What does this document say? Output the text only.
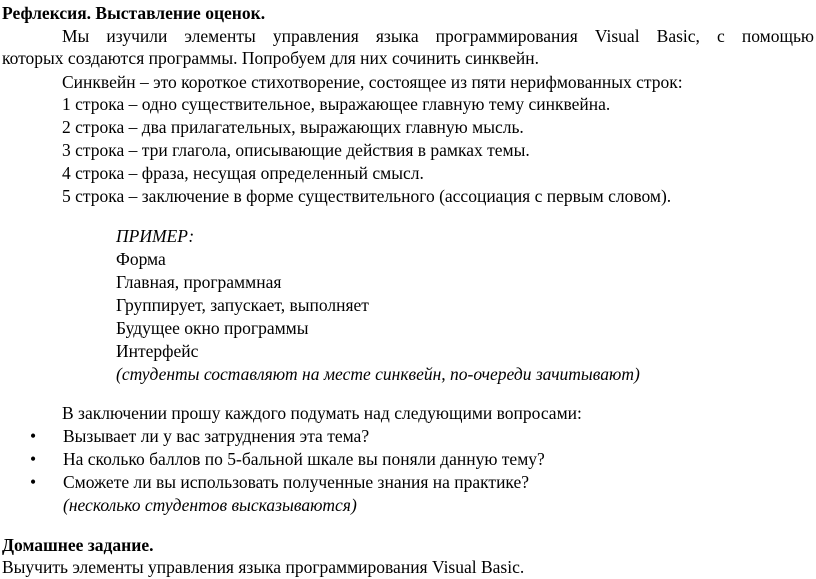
Рефлексия. Выставление оценок.
Мы изучили элементы управления языка программирования Visual Basic, с помощью
которых создаются программы. Попробуем для них сочинить синквейн.
Синквейн – это короткое стихотворение, состоящее из пяти нерифмованных строк:
1 строка – одно существительное, выражающее главную тему синквейна.
2 строка – два прилагательных, выражающих главную мысль.
3 строка – три глагола, описывающие действия в рамках темы.
4 строка – фраза, несущая определенный смысл.
5 строка – заключение в форме существительного (ассоциация с первым словом).
ПРИМЕР:
Форма
Главная, программная
Группирует, запускает, выполняет
Будущее окно программы
Интерфейс
(студенты составляют на месте синквейн, по-очереди зачитывают)
В заключении прошу каждого подумать над следующими вопросами:
• Вызывает ли у вас затруднения эта тема?
• На сколько баллов по 5-бальной шкале вы поняли данную тему?
• Сможете ли вы использовать полученные знания на практике?
(несколько студентов высказываются)
Домашнее задание.
Выучить элементы управления языка программирования Visual Basic.
